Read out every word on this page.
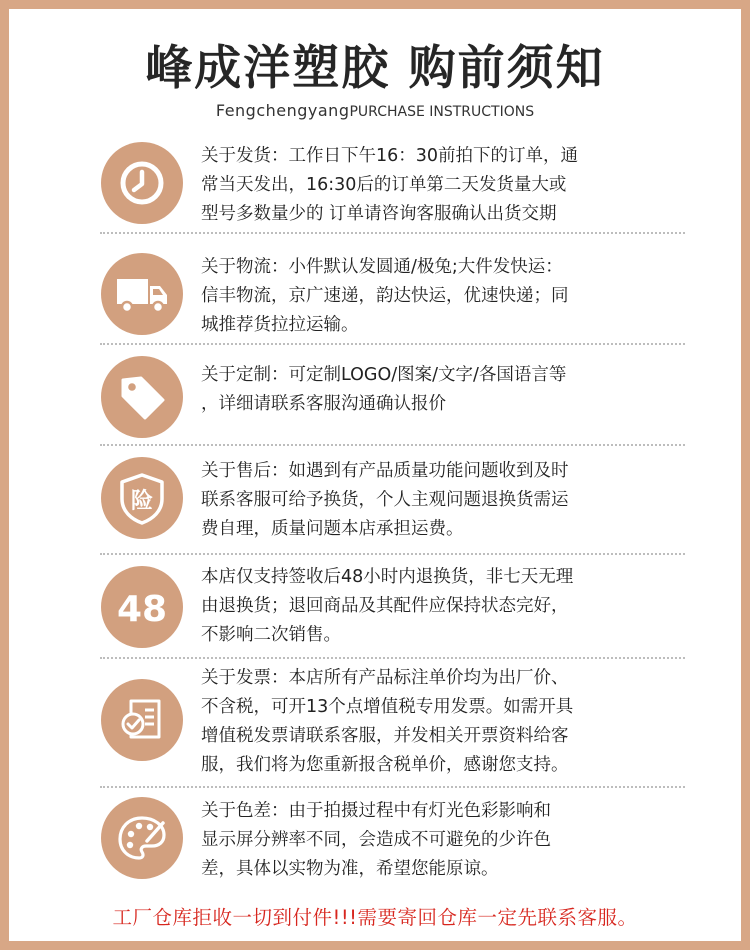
峰成洋塑胶 购前须知
FengchengyangPURCHASE INSTRUCTIONS
关于发货：工作日下午16：30前拍下的订单，通
常当天发出，16:30后的订单第二天发货量大或
型号多数量少的 订单请咨询客服确认出货交期
关于物流：小件默认发圆通/极兔;大件发快运：
信丰物流，京广速递，韵达快运，优速快递；同
城推荐货拉拉运输。
关于定制：可定制LOGO/图案/文字/各国语言等
，详细请联系客服沟通确认报价
险
关于售后：如遇到有产品质量功能问题收到及时
联系客服可给予换货，个人主观问题退换货需运
费自理，质量问题本店承担运费。
48
本店仅支持签收后48小时内退换货，非七天无理
由退换货；退回商品及其配件应保持状态完好，
不影响二次销售。
关于发票：本店所有产品标注单价均为出厂价、
不含税，可开13个点增值税专用发票。如需开具
增值税发票请联系客服，并发相关开票资料给客
服，我们将为您重新报含税单价，感谢您支持。
关于色差：由于拍摄过程中有灯光色彩影响和
显示屏分辨率不同，会造成不可避免的少许色
差，具体以实物为准，希望您能原谅。
工厂仓库拒收一切到付件!!!需要寄回仓库一定先联系客服。
